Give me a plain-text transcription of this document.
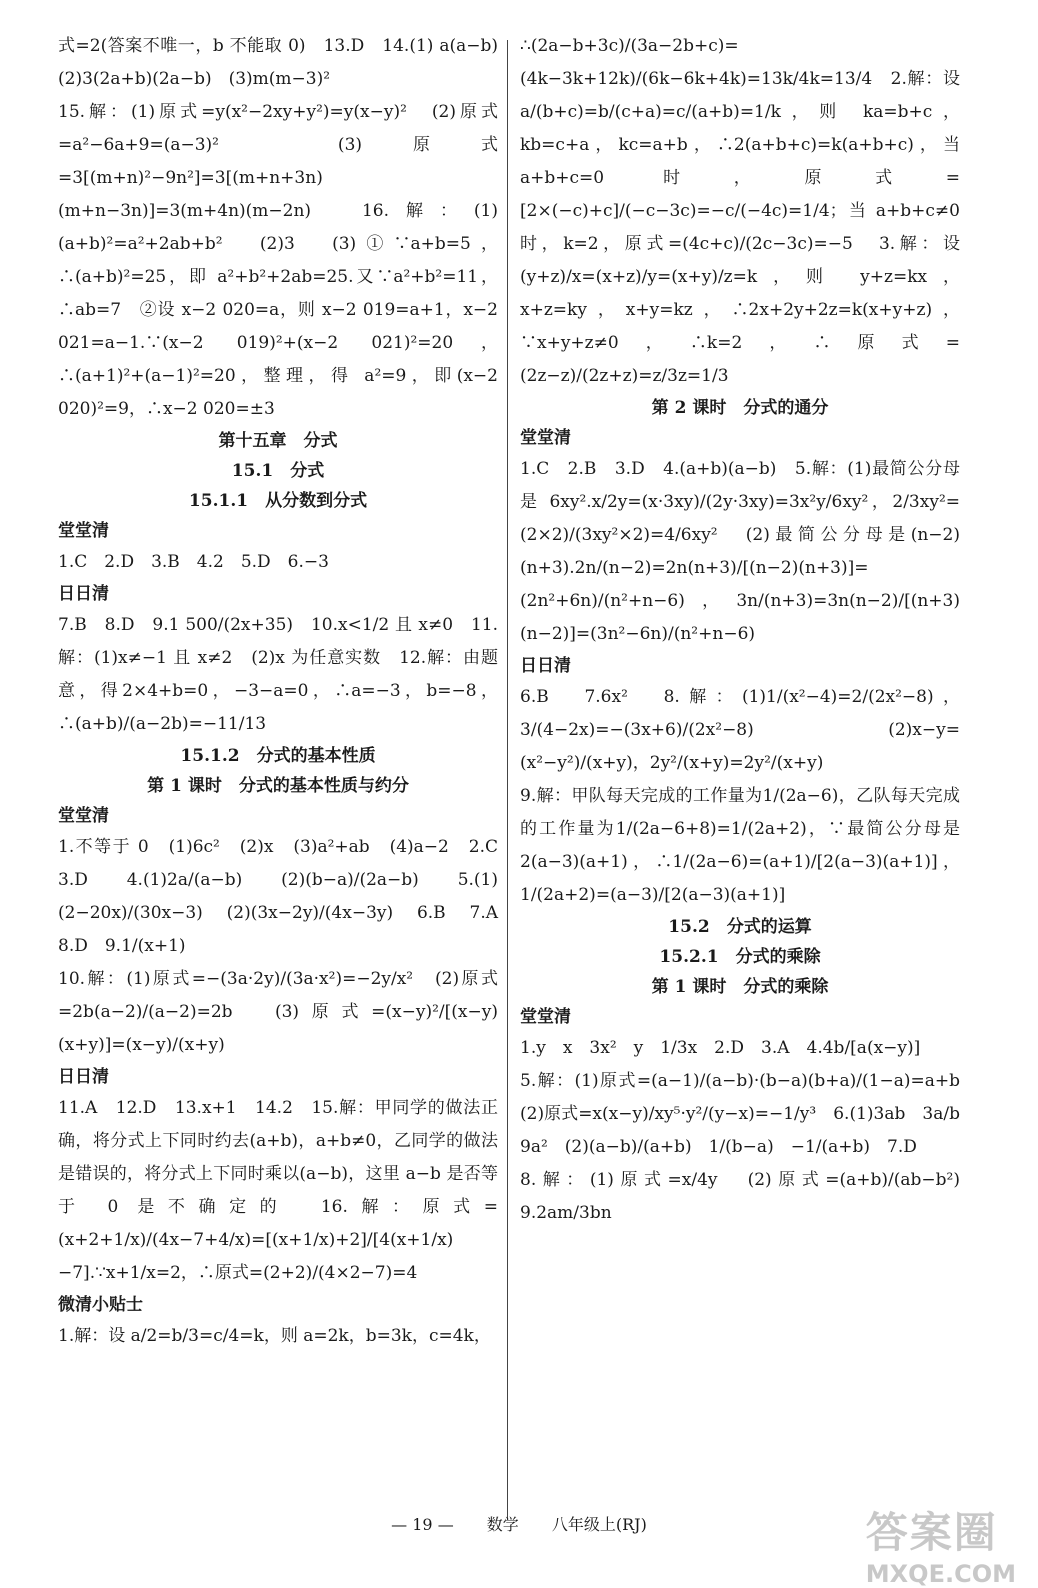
式=2(答案不唯一，b 不能取 0)　13.D　14.(1) a(a−b)　(2)3(2a+b)(2a−b)　(3)m(m−3)²

15.解：(1)原式=y(x²−2xy+y²)=y(x−y)²　(2)原式=a²−6a+9=(a−3)²　(3)原式=3[(m+n)²−9n²]=3[(m+n+3n)(m+n−3n)]=3(m+4n)(m−2n)　16.解：(1)(a+b)²=a²+2ab+b²　(2)3　(3)①∵a+b=5，∴(a+b)²=25，即 a²+b²+2ab=25.又∵a²+b²=11，∴ab=7　②设 x−2 020=a，则 x−2 019=a+1，x−2 021=a−1.∵(x−2 019)²+(x−2 021)²=20，∴(a+1)²+(a−1)²=20，整理，得 a²=9，即(x−2 020)²=9，∴x−2 020=±3

第十五章　分式

15.1　分式

15.1.1　从分数到分式

堂堂清

1.C　2.D　3.B　4.2　5.D　6.−3

日日清

7.B　8.D　9.1 500/(2x+35)　10.x<1/2 且 x≠0　11.解：(1)x≠−1 且 x≠2　(2)x 为任意实数　12.解：由题意，得2×4+b=0，−3−a=0，∴a=−3，b=−8，∴(a+b)/(a−2b)=−11/13

15.1.2　分式的基本性质

第 1 课时　分式的基本性质与约分

堂堂清

1.不等于 0　(1)6c²　(2)x　(3)a²+ab　(4)a−2　2.C　3.D　4.(1)2a/(a−b)　(2)(b−a)/(2a−b)　5.(1)(2−20x)/(30x−3)　(2)(3x−2y)/(4x−3y)　6.B　7.A　8.D　9.1/(x+1)

10.解：(1)原式=−(3a·2y)/(3a·x²)=−2y/x²　(2)原式=2b(a−2)/(a−2)=2b　(3)原式=(x−y)²/[(x−y)(x+y)]=(x−y)/(x+y)

日日清

11.A　12.D　13.x+1　14.2　15.解：甲同学的做法正确，将分式上下同时约去(a+b)，a+b≠0，乙同学的做法是错误的，将分式上下同时乘以(a−b)，这里 a−b 是否等于 0 是不确定的　16.解：原式=(x+2+1/x)/(4x−7+4/x)=[(x+1/x)+2]/[4(x+1/x)−7].∵x+1/x=2，∴原式=(2+2)/(4×2−7)=4

微清小贴士

1.解：设 a/2=b/3=c/4=k，则 a=2k，b=3k，c=4k，

∴(2a−b+3c)/(3a−2b+c)=(4k−3k+12k)/(6k−6k+4k)=13k/4k=13/4　2.解：设 a/(b+c)=b/(c+a)=c/(a+b)=1/k，则 ka=b+c，kb=c+a，kc=a+b，∴2(a+b+c)=k(a+b+c)，当 a+b+c=0 时，原式=[2×(−c)+c]/(−c−3c)=−c/(−4c)=1/4；当 a+b+c≠0 时，k=2，原式=(4c+c)/(2c−3c)=−5　3.解：设(y+z)/x=(x+z)/y=(x+y)/z=k，则 y+z=kx，x+z=ky，x+y=kz，∴2x+2y+2z=k(x+y+z)，∵x+y+z≠0，∴k=2，∴原式=(2z−z)/(2z+z)=z/3z=1/3

第 2 课时　分式的通分

堂堂清

1.C　2.B　3.D　4.(a+b)(a−b)　5.解：(1)最简公分母是 6xy².x/2y=(x·3xy)/(2y·3xy)=3x²y/6xy²，2/3xy²=(2×2)/(3xy²×2)=4/6xy²　(2)最简公分母是(n−2)(n+3).2n/(n−2)=2n(n+3)/[(n−2)(n+3)]=(2n²+6n)/(n²+n−6)，3n/(n+3)=3n(n−2)/[(n+3)(n−2)]=(3n²−6n)/(n²+n−6)

日日清

6.B　7.6x²　8.解：(1)1/(x²−4)=2/(2x²−8)，3/(4−2x)=−(3x+6)/(2x²−8)　(2)x−y=(x²−y²)/(x+y)，2y²/(x+y)=2y²/(x+y)

9.解：甲队每天完成的工作量为1/(2a−6)，乙队每天完成的工作量为1/(2a−6+8)=1/(2a+2)，∵最简公分母是 2(a−3)(a+1)，∴1/(2a−6)=(a+1)/[2(a−3)(a+1)]，1/(2a+2)=(a−3)/[2(a−3)(a+1)]

15.2　分式的运算

15.2.1　分式的乘除

第 1 课时　分式的乘除

堂堂清

1.y　x　3x²　y　1/3x　2.D　3.A　4.4b/[a(x−y)]

5.解：(1)原式=(a−1)/(a−b)·(b−a)(b+a)/(1−a)=a+b　(2)原式=x(x−y)/xy⁵·y²/(y−x)=−1/y³　6.(1)3ab　3a/b　9a²　(2)(a−b)/(a+b)　1/(b−a)　−1/(a+b)　7.D

8.解：(1)原式=x/4y　(2)原式=(a+b)/(ab−b²)　9.2am/3bn

— 19 — 数学 八年级上(RJ)	答案圈
MXQE.COM
